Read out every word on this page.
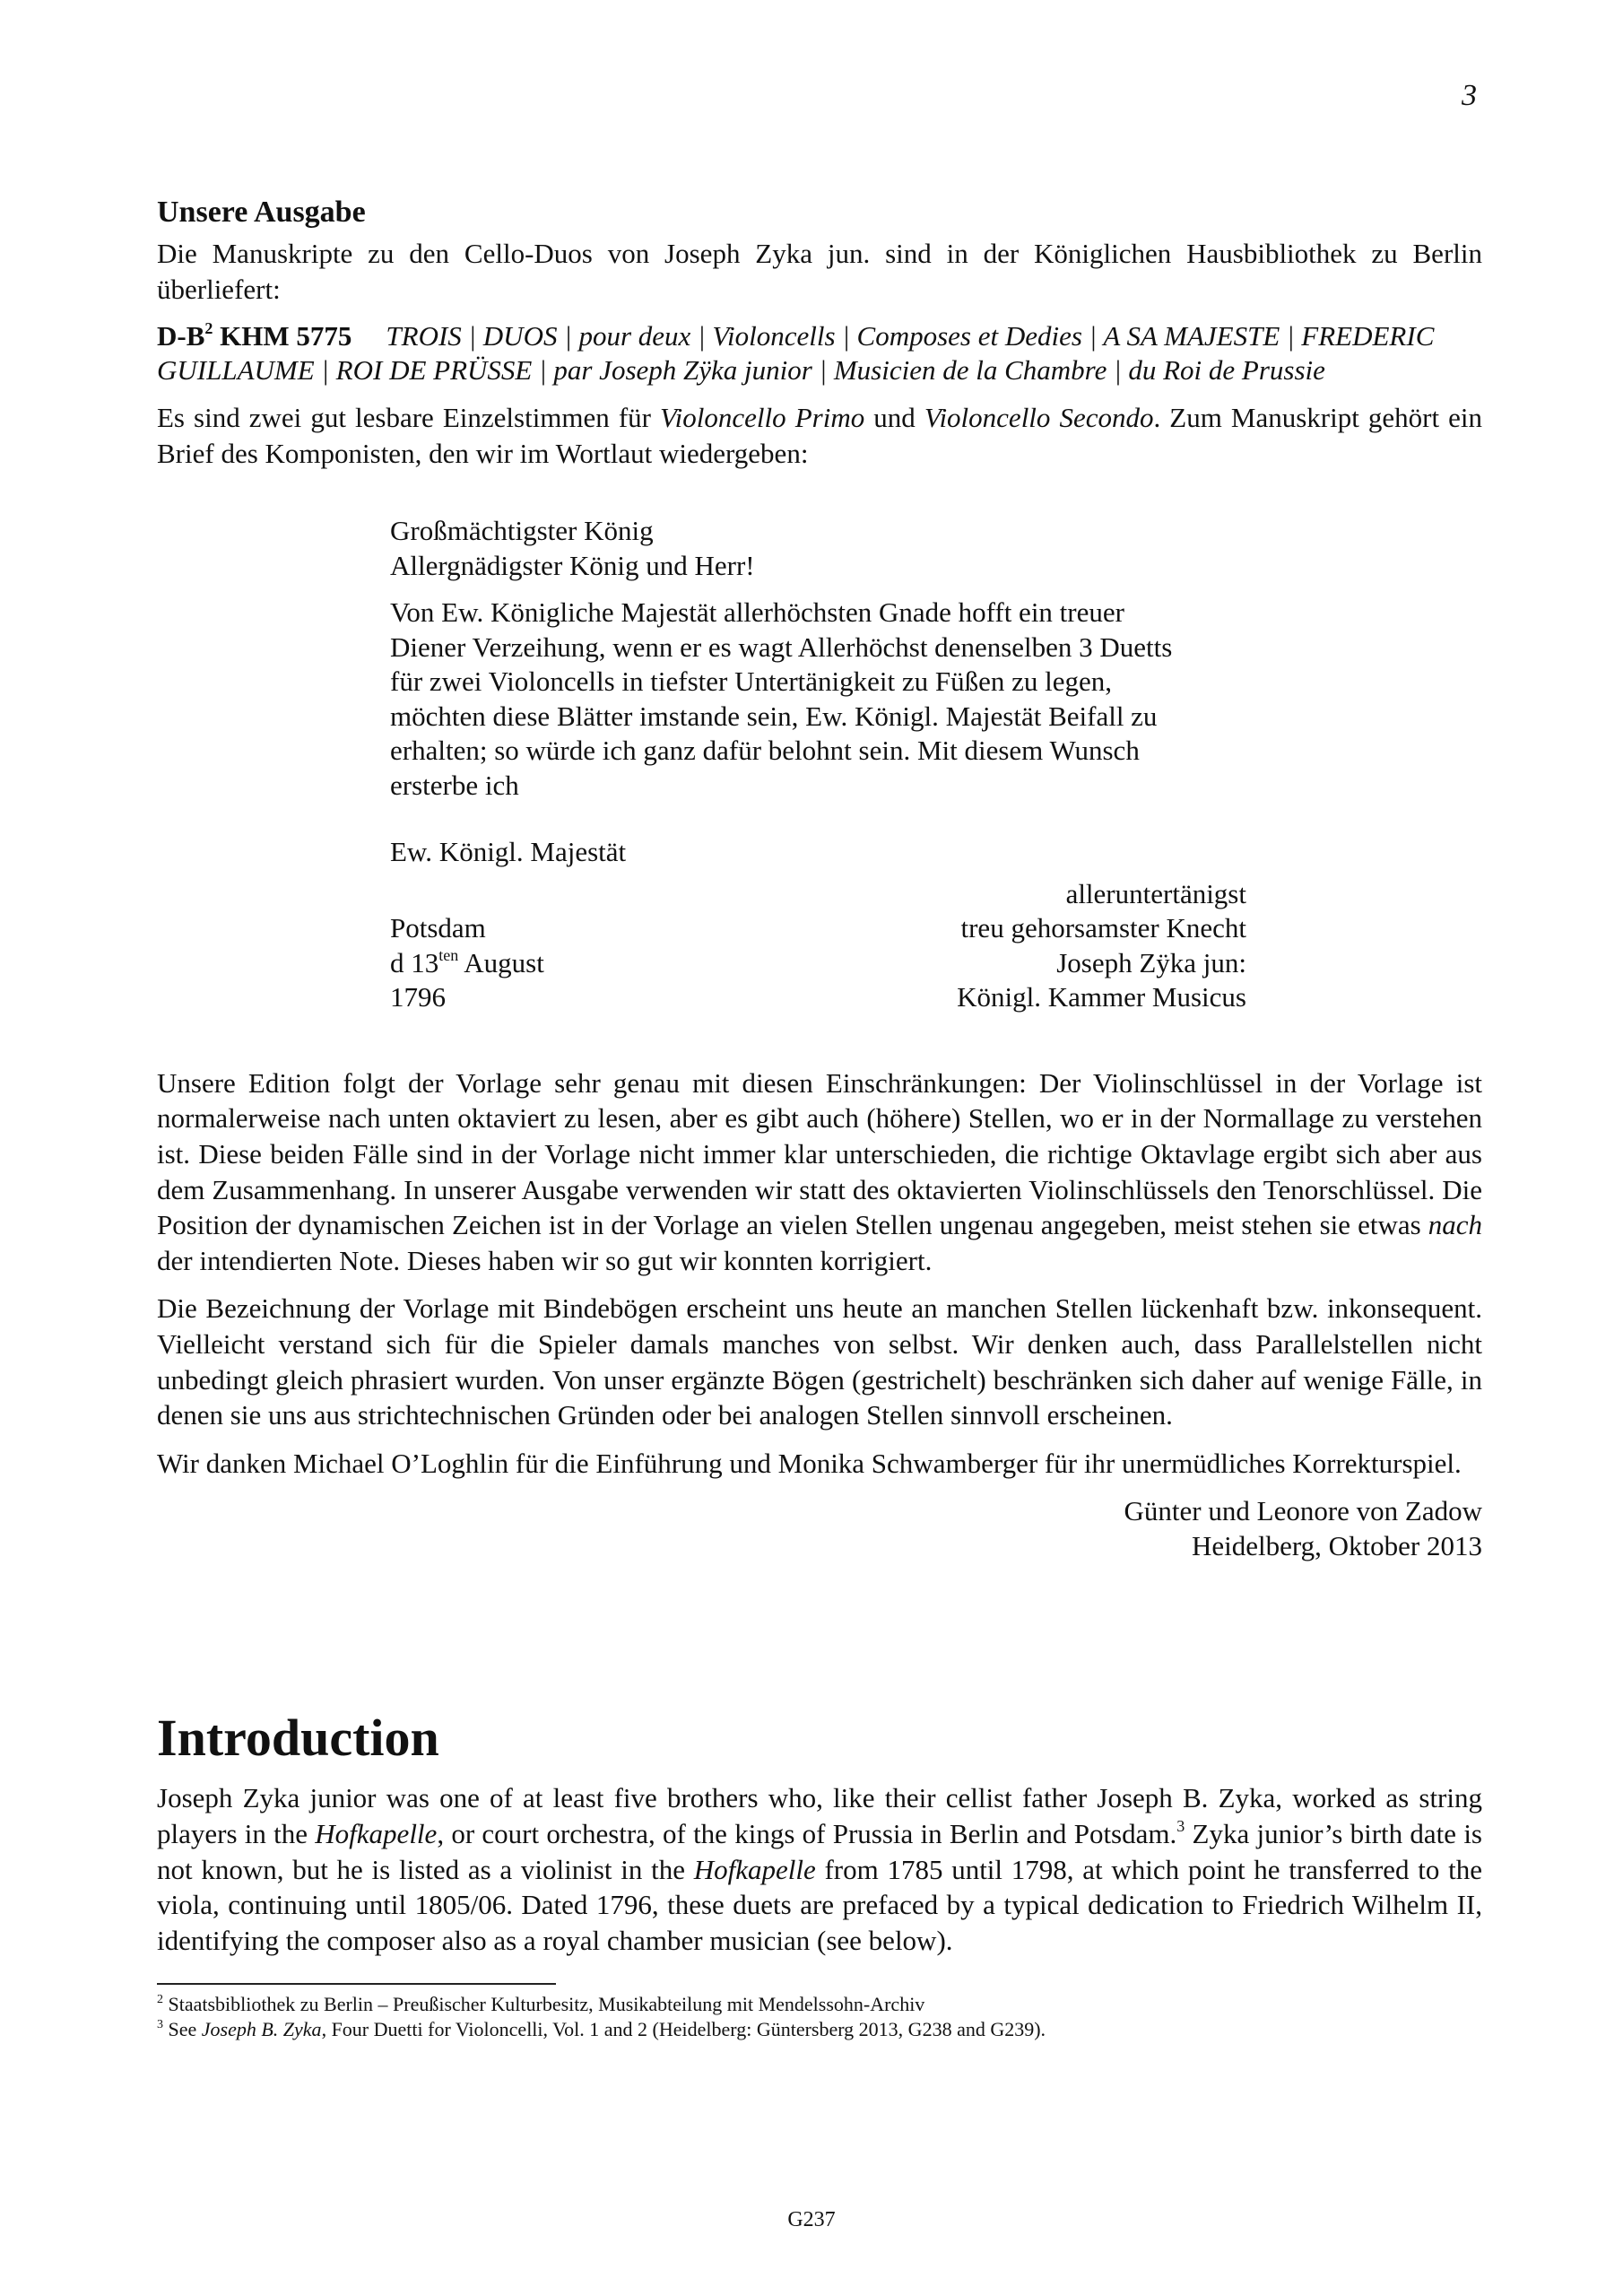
3
Unsere Ausgabe

Die Manuskripte zu den Cello-Duos von Joseph Zyka jun. sind in der Königlichen Hausbibliothek zu Berlin überliefert:

$D-B^2$ KHM 5775 TROIS | DUOS | pour deux | Violoncells | Composes et Dedies | A SA MAJESTE | FREDERIC GUILLAUME | ROI DE PRÜSSE | par Joseph Zÿka junior | Musicien de la Chambre | du Roi de Prussie

Es sind zwei gut lesbare Einzelstimmen für Violoncello Primo und Violoncello Secondo. Zum Manuskript gehört ein Brief des Komponisten, den wir im Wortlaut wiedergeben:

Großmächtigster König
Allergnädigster König und Herr!
Von Ew. Königliche Majestät allerhöchsten Gnade hofft ein treuer
Diener Verzeihung, wenn er es wagt Allerhöchst denenselben 3 Duetts
für zwei Violoncells in tiefster Untertänigkeit zu Füßen zu legen,
möchten diese Blätter imstande sein, Ew. Königl. Majestät Beifall zu
erhalten; so würde ich ganz dafür belohnt sein. Mit diesem Wunsch
ersterbe ich
Ew. Königl. Majestät
Potsdam
d $13^{ten}$ August
1796
alleruntertänigst
treu gehorsamster Knecht
Joseph Zÿka jun:
Königl. Kammer Musicus

Unsere Edition folgt der Vorlage sehr genau mit diesen Einschränkungen: Der Violinschlüssel in der Vorlage ist normalerweise nach unten oktaviert zu lesen, aber es gibt auch (höhere) Stellen, wo er in der Normallage zu verstehen ist. Diese beiden Fälle sind in der Vorlage nicht immer klar unterschieden, die richtige Oktavlage ergibt sich aber aus dem Zusammenhang. In unserer Ausgabe verwenden wir statt des oktavierten Violinschlüssels den Tenorschlüssel. Die Position der dynamischen Zeichen ist in der Vorlage an vielen Stellen ungenau angegeben, meist stehen sie etwas nach der intendierten Note. Dieses haben wir so gut wir konnten korrigiert.

Die Bezeichnung der Vorlage mit Bindebögen erscheint uns heute an manchen Stellen lückenhaft bzw. inkonsequent. Vielleicht verstand sich für die Spieler damals manches von selbst. Wir denken auch, dass Parallelstellen nicht unbedingt gleich phrasiert wurden. Von unser ergänzte Bögen (gestrichelt) beschränken sich daher auf wenige Fälle, in denen sie uns aus strichtechnischen Gründen oder bei analogen Stellen sinnvoll erscheinen.

Wir danken Michael O’Loghlin für die Einführung und Monika Schwamberger für ihr unermüdliches Korrekturspiel.

Günter und Leonore von Zadow
Heidelberg, Oktober 2013
Introduction

Joseph Zyka junior was one of at least five brothers who, like their cellist father Joseph B. Zyka, worked as string players in the Hofkapelle, or court orchestra, of the kings of Prussia in Berlin and Potsdam.$^3$ Zyka junior’s birth date is not known, but he is listed as a violinist in the Hofkapelle from 1785 until 1798, at which point he transferred to the viola, continuing until 1805/06. Dated 1796, these duets are prefaced by a typical dedication to Friedrich Wilhelm II, identifying the composer also as a royal chamber musician (see below).

$^2$ Staatsbibliothek zu Berlin – Preußischer Kulturbesitz, Musikabteilung mit Mendelssohn-Archiv

$^3$ See Joseph B. Zyka, Four Duetti for Violoncelli, Vol. 1 and 2 (Heidelberg: Güntersberg 2013, G238 and G239).

G237
